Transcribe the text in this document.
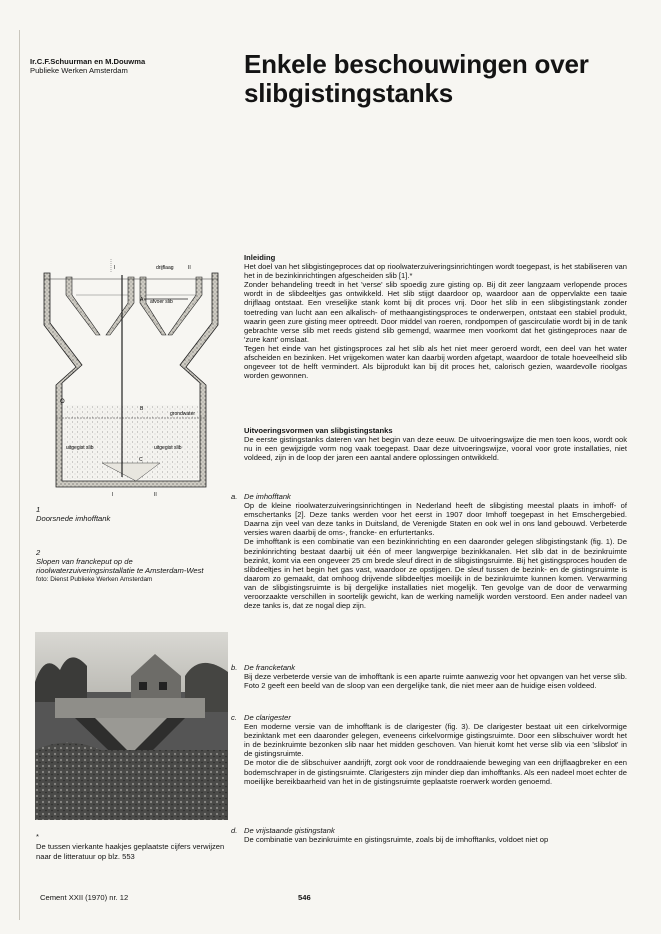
Ir.C.F.Schuurman en M.Douwma
Publieke Werken Amsterdam	Enkele beschouwingen over
slibgistingstanks
I	drijflaag	II
A afvoer slib
B
grondwater
C
O
uitgegist slib	uitgegist slib
I	II
1
Doorsnede imhofftank
2
Slopen van franckeput op de rioolwaterzuiveringsinstallatie te Amsterdam-West
foto: Dienst Publieke Werken Amsterdam
*
De tussen vierkante haakjes geplaatste cijfers verwijzen naar de litteratuur op blz. 553
Inleiding

Het doel van het slibgistingeproces dat op rioolwaterzuiveringsinrichtingen wordt toegepast, is het stabiliseren van het in de bezinkinrichtingen afgescheiden slib [1].*

Zonder behandeling treedt in het 'verse' slib spoedig zure gisting op. Bij dit zeer langzaam verlopende proces wordt in de slibdeeltjes gas ontwikkeld. Het slib stijgt daardoor op, waardoor aan de oppervlakte een taaie drijflaag ontstaat. Een vreselijke stank komt bij dit proces vrij. Door het slib in een slibgistingstank zonder toetreding van lucht aan een alkalisch- of methaangistingsproces te onderwerpen, ontstaat een stabiel produkt, waarin geen zure gisting meer optreedt. Door middel van roeren, rondpompen of gascirculatie wordt bij in de tank gebrachte verse slib met reeds gistend slib gemengd, waarmee men voorkomt dat het gistingeproces naar de 'zure kant' omslaat.

Tegen het einde van het gistingsproces zal het slib als het niet meer geroerd wordt, een deel van het water afscheiden en bezinken. Het vrijgekomen water kan daarbij worden afgetapt, waardoor de totale hoeveelheid slib ongeveer tot de helft vermindert. Als bijprodukt kan bij dit proces het, calorisch gezien, waardevolle rioolgas worden gewonnen.

Uitvoeringsvormen van slibgistingstanks

De eerste gistingstanks dateren van het begin van deze eeuw. De uitvoeringswijze die men toen koos, wordt ook nu in een gewijzigde vorm nog vaak toegepast. Daar deze uitvoeringswijze, vooral voor grote installaties, niet voldeed, zijn in de loop der jaren een aantal andere oplossingen ontwikkeld.

a. De imhofftank

Op de kleine rioolwaterzuiveringsinrichtingen in Nederland heeft de slibgisting meestal plaats in imhoff- of emschertanks [2]. Deze tanks werden voor het eerst in 1907 door Imhoff toegepast in het Emschergebied. Daarna zijn veel van deze tanks in Duitsland, de Verenigde Staten en ook wel in ons land gebouwd. Verbeterde versies waren daarbij de oms-, francke- en erfurtertanks.

De imhofftank is een combinatie van een bezinkinrichting en een daaronder gelegen slibgistingstank (fig. 1). De bezinkinrichting bestaat daarbij uit één of meer langwerpige bezinkkanalen. Het slib dat in de bezinkruimte bezinkt, komt via een ongeveer 25 cm brede sleuf direct in de slibgistingsruimte. Bij het gistingsproces houden de slibdeeltjes in het begin het gas vast, waardoor ze opstijgen. De sleuf tussen de bezink- en de gistingsruimte is daarom zo gemaakt, dat omhoog drijvende slibdeeltjes moeilijk in de bezinkruimte kunnen komen. Verwarming van de slibgistingsruimte is bij dergelijke installaties niet mogelijk. Ten gevolge van de door de verwarming veroorzaakte verschillen in soortelijk gewicht, kan de werking namelijk worden verstoord. Een ander nadeel van deze tanks is, dat ze nogal diep zijn.

b. De francketank

Bij deze verbeterde versie van de imhofftank is een aparte ruimte aanwezig voor het opvangen van het verse slib. Foto 2 geeft een beeld van de sloop van een dergelijke tank, die niet meer aan de huidige eisen voldeed.

c. De clarigester

Een moderne versie van de imhofftank is de clarigester (fig. 3). De clarigester bestaat uit een cirkelvormige bezinktank met een daaronder gelegen, eveneens cirkelvormige gistingsruimte. Door een slibschuiver wordt het in de bezinkruimte bezonken slib naar het midden geschoven. Van hieruit komt het verse slib via een 'slibslot' in de gistingsruimte.

De motor die de slibschuiver aandrijft, zorgt ook voor de ronddraaiende beweging van een drijflaagbreker en een bodemschraper in de gistingsruimte. Clarigesters zijn minder diep dan imhofftanks. Als een nadeel moet echter de moeilijke bereikbaarheid van het in de gistingsruimte geplaatste roerwerk worden genoemd.

d. De vrijstaande gistingstank

De combinatie van bezinkruimte en gistingsruimte, zoals bij de imhofftanks, voldoet niet op

Cement XXII (1970) nr. 12	546
